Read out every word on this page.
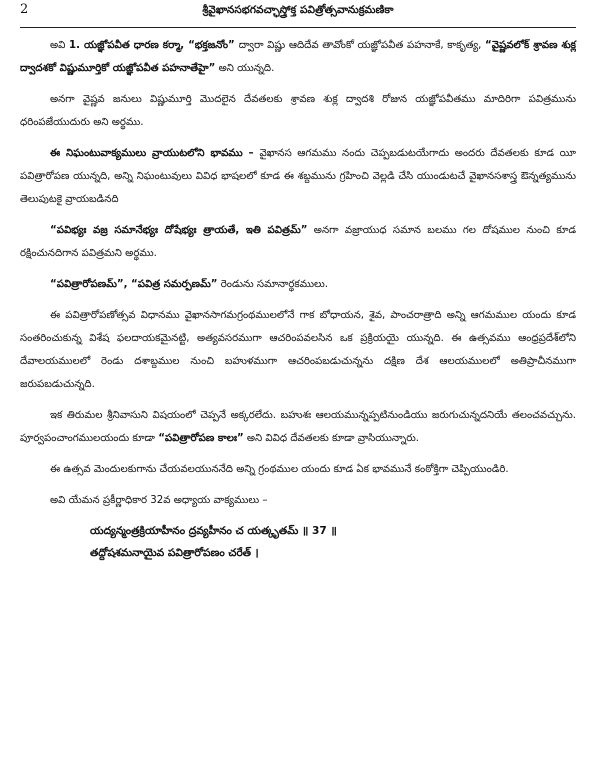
2	శ్రీవైఖానసభగవచ్ఛాస్త్రోక్త పవిత్రోత్సవానుక్రమణికా

అవి 1. యజ్ఞోపవీత ధారణ కర్మా, “భక్తజనోం” ద్వారా విష్ణు ఆదిదేవ తావోంకో యజ్ఞోపవీత పహనాకే, కాకృత్య, “వైష్ణవలోక్ శ్రావణ శుక్ల ద్వాదశకో విష్ణుమూర్తికో యజ్ఞోపవీత పహనాతేహై” అని యున్నది.

అనగా వైష్ణవ జనులు విష్ణుమూర్తి మొదలైన దేవతలకు శ్రావణ శుక్ల ద్వాదశి రోజున యజ్ఞోపవీతము మాదిరిగా పవిత్రమును ధరింపజేయుదురు అని అర్థము.

ఈ నిఘంటువాక్యములు వ్రాయుటలోని భావము – వైఖానస ఆగమము నందు చెప్పబడుటయేగాదు అందరు దేవతలకు కూడ యీ పవిత్రారోపణ యున్నది, అన్ని నిఘంటువులు వివిధ భాషలలో కూడ ఈ శబ్దమును గ్రహించి వెల్లడి చేసి యుండుటచే వైఖానసశాస్త్ర ఔన్నత్యమును తెలుపుటకై వ్రాయబడినది

“పవిభ్యః వజ్ర సమానేభ్యః దోషేభ్యః త్రాయతే, ఇతి పవిత్రమ్” అనగా వజ్రాయుధ సమాన బలము గల దోషముల నుంచి కూడ రక్షించునదిగాన పవిత్రమని అర్థము.

“పవిత్రారోపణమ్”, “పవిత్ర సమర్పణమ్” రెండును సమానార్థకములు.

ఈ పవిత్రారోపణోత్సవ విధానము వైఖానసాగమగ్రంథములలోనే గాక బోధాయన, శైవ, పాంచరాత్రాది అన్ని ఆగమముల యందు కూడ సంతరించుకున్న విశేష ఫలదాయకమైనట్టి, అత్యవసరముగా ఆచరింపవలసిన ఒక ప్రక్రియయై యున్నది. ఈ ఉత్సవము ఆంధ్రప్రదేశ్‌లోని దేవాలయములలో రెండు దశాబ్దముల నుంచి బహుళముగా ఆచరింపబడుచున్నను దక్షిణ దేశ ఆలయములలో అతిప్రాచీనముగా జరుపబడుచున్నది.

ఇక తిరుమల శ్రీనివాసుని విషయంలో చెప్పనే అక్కరలేదు. బహుశః ఆలయమున్నప్పటినుండియు జరుగుచున్నదనియే తలంచవచ్చును. పూర్వపంచాంగములయందు కూడా “పవిత్రారోపణ కాలః” అని వివిధ దేవతలకు కూడా వ్రాసియున్నారు.

ఈ ఉత్సవ మెందులకుగాను చేయవలయుననేది అన్ని గ్రంథముల యందు కూడ ఏక భావమునే కంఠోక్తిగా చెప్పియుండిరి.

అవి యేమన ప్రకీర్ణాధికార 32వ అధ్యాయ వాక్యములు –

యద్యన్మంత్రక్రియాహీనం ద్రవ్యహీనం చ యత్కృతమ్ ॥ 37 ॥
తద్దోషశమనాయైవ పవిత్రారోపణం చరేత్ ।
